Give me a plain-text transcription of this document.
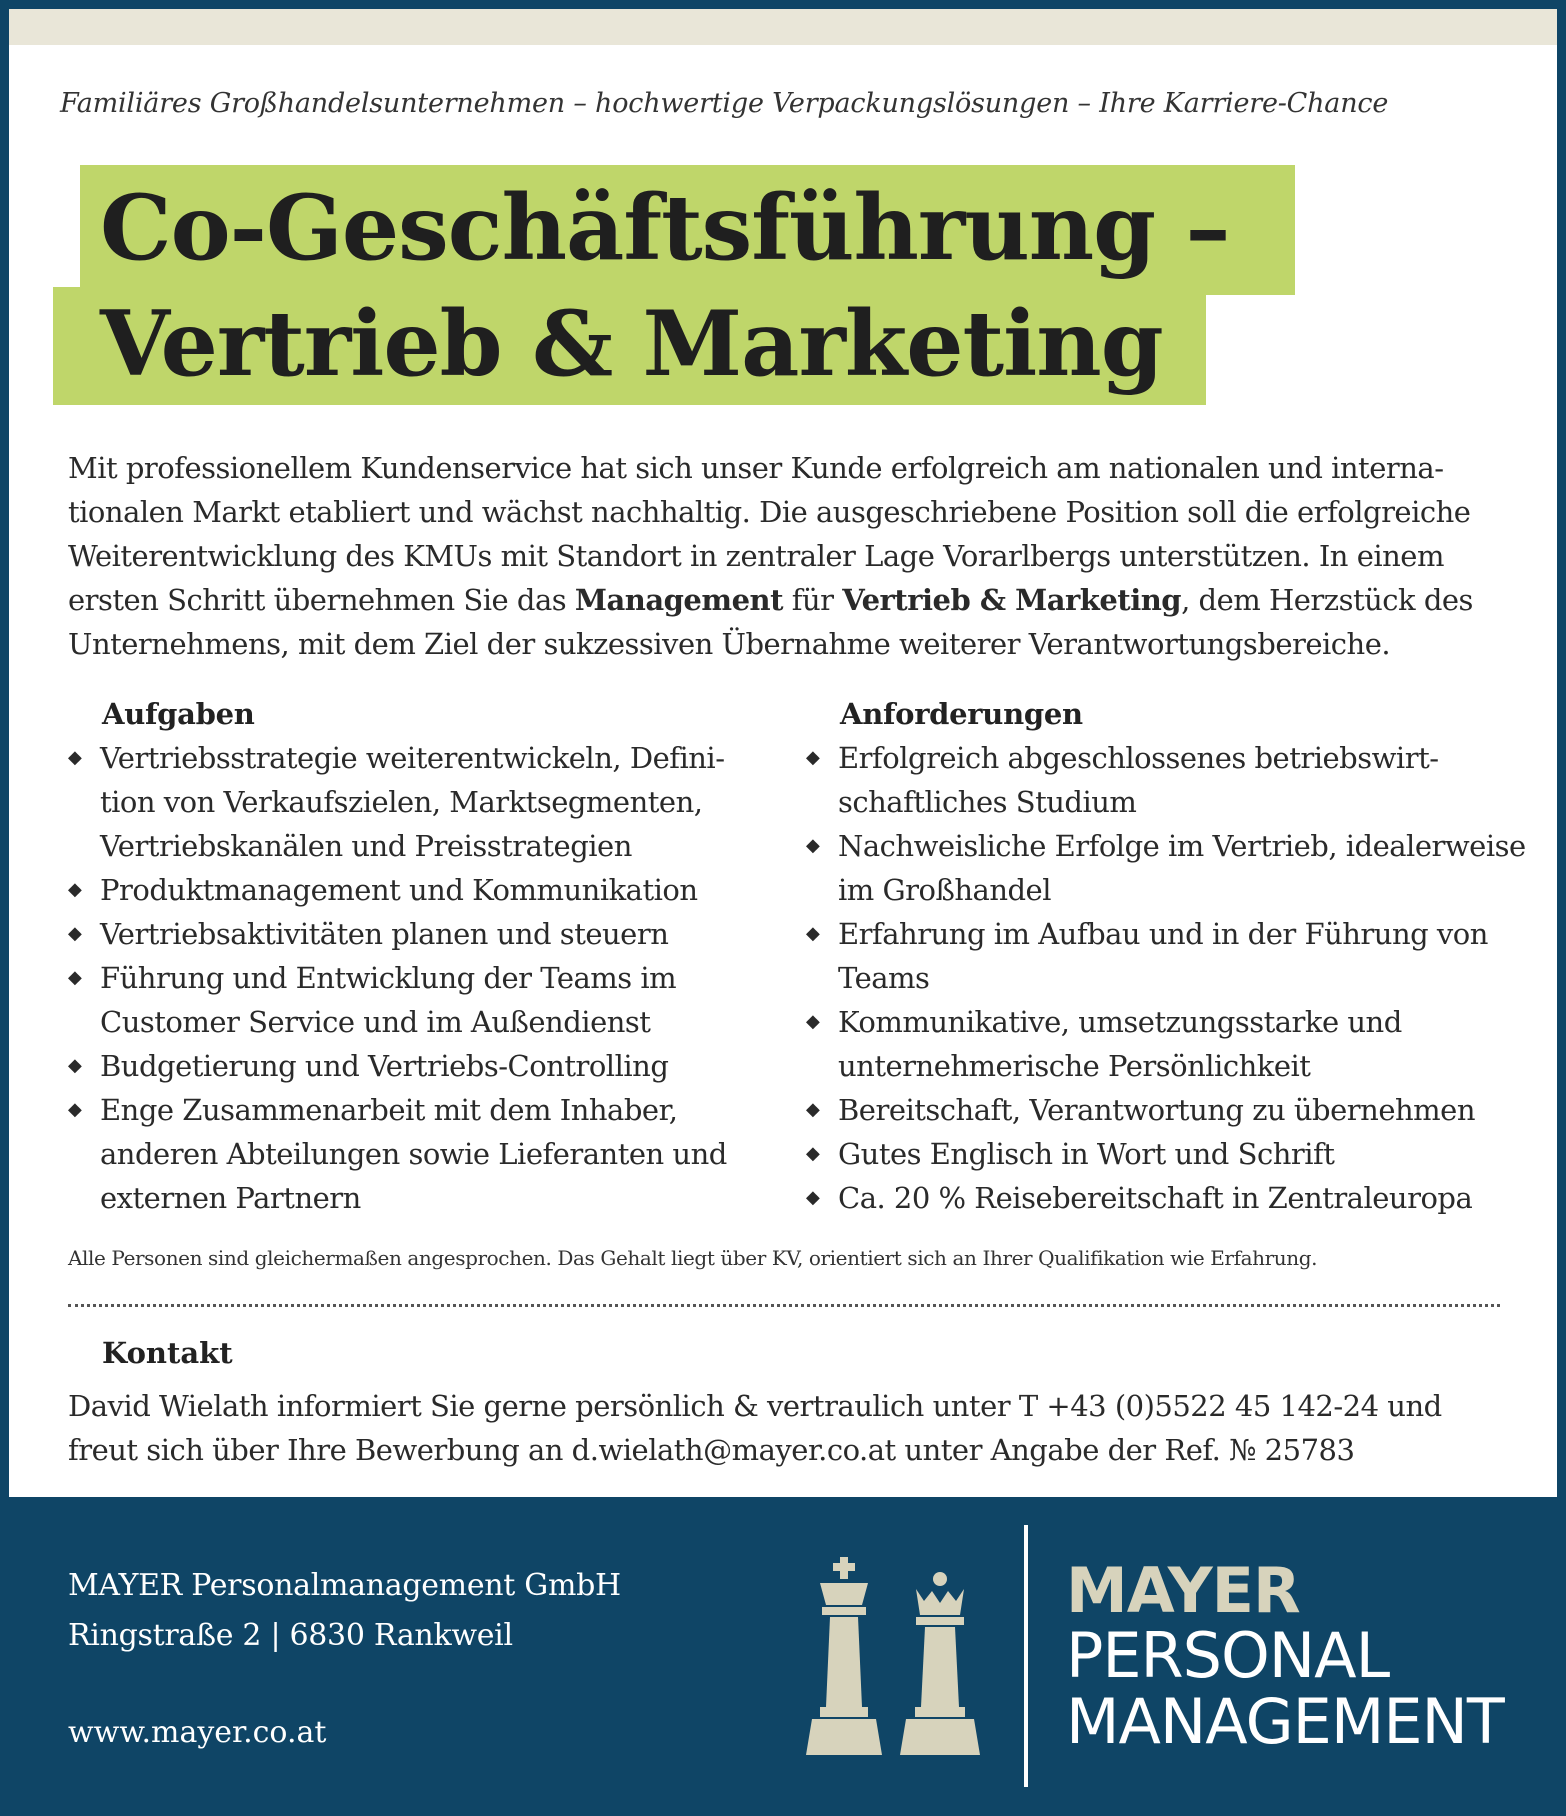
Familiäres Großhandelsunternehmen – hochwertige Verpackungslösungen – Ihre Karriere-Chance
Co-Geschäftsführung –
Vertrieb & Marketing

Mit professionellem Kundenservice hat sich unser Kunde erfolgreich am nationalen und internationalen Markt etabliert und wächst nachhaltig. Die ausgeschriebene Position soll die erfolgreiche Weiterentwicklung des KMUs mit Standort in zentraler Lage Vorarlbergs unterstützen. In einem ersten Schritt übernehmen Sie das Management für Vertrieb & Marketing, dem Herzstück des Unternehmens, mit dem Ziel der sukzessiven Übernahme weiterer Verantwortungsbereiche.

Aufgaben
◆ Vertriebsstrategie weiterentwickeln, Definition von Verkaufszielen, Marktsegmenten, Vertriebskanälen und Preisstrategien
◆ Produktmanagement und Kommunikation
◆ Vertriebsaktivitäten planen und steuern
◆ Führung und Entwicklung der Teams im Customer Service und im Außendienst
◆ Budgetierung und Vertriebs-Controlling
◆ Enge Zusammenarbeit mit dem Inhaber, anderen Abteilungen sowie Lieferanten und externen Partnern
Anforderungen
◆ Erfolgreich abgeschlossenes betriebswirtschaftliches Studium
◆ Nachweisliche Erfolge im Vertrieb, idealerweise im Großhandel
◆ Erfahrung im Aufbau und in der Führung von Teams
◆ Kommunikative, umsetzungsstarke und unternehmerische Persönlichkeit
◆ Bereitschaft, Verantwortung zu übernehmen
◆ Gutes Englisch in Wort und Schrift
◆ Ca. 20 % Reisebereitschaft in Zentraleuropa
Alle Personen sind gleichermaßen angesprochen. Das Gehalt liegt über KV, orientiert sich an Ihrer Qualifikation wie Erfahrung.
Kontakt
David Wielath informiert Sie gerne persönlich & vertraulich unter T +43 (0)5522 45 142-24 und
freut sich über Ihre Bewerbung an d.wielath@mayer.co.at unter Angabe der Ref. № 25783
MAYER Personalmanagement GmbH
Ringstraße 2 | 6830 Rankweil
www.mayer.co.at
MAYER
PERSONAL
MANAGEMENT
